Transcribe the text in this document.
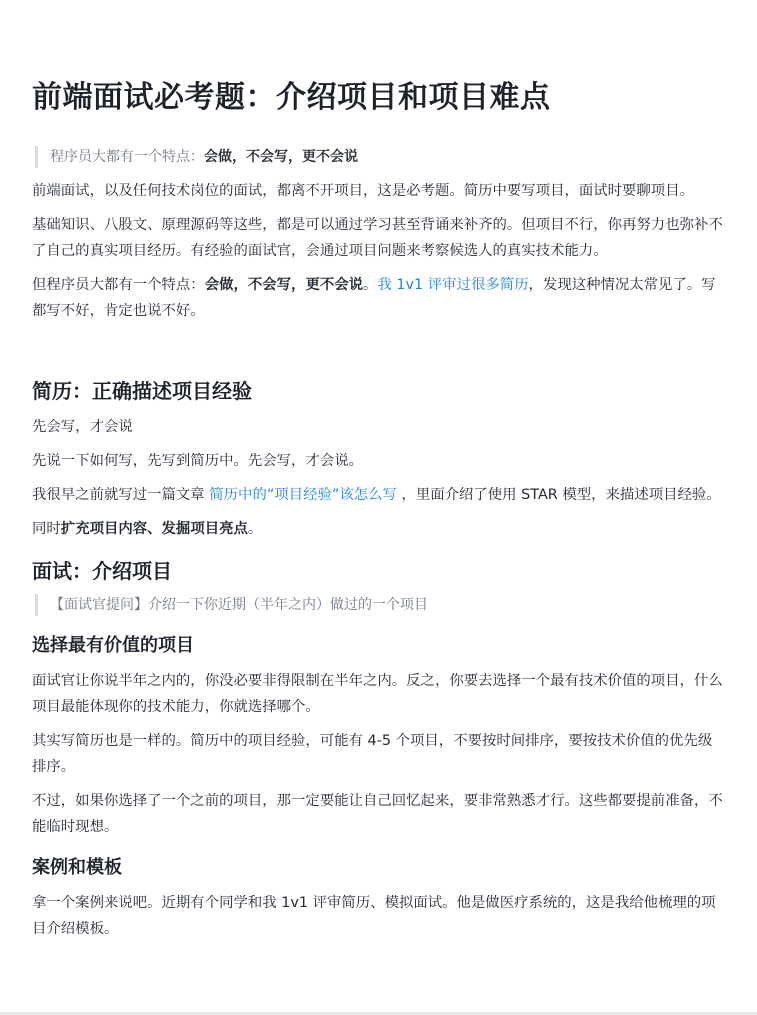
前端面试必考题：介绍项目和项目难点
程序员大都有一个特点：会做，不会写，更不会说

前端面试，以及任何技术岗位的面试，都离不开项目，这是必考题。简历中要写项目，面试时要聊项目。

基础知识、八股文、原理源码等这些，都是可以通过学习甚至背诵来补齐的。但项目不行，你再努力也弥补不了自己的真实项目经历。有经验的面试官，会通过项目问题来考察候选人的真实技术能力。

但程序员大都有一个特点：会做，不会写，更不会说。我 1v1 评审过很多简历，发现这种情况太常见了。写都写不好，肯定也说不好。

简历：正确描述项目经验

先会写，才会说

先说一下如何写，先写到简历中。先会写，才会说。

我很早之前就写过一篇文章 简历中的“项目经验”该怎么写 ，里面介绍了使用 STAR 模型，来描述项目经验。

同时扩充项目内容、发掘项目亮点。

面试：介绍项目
【面试官提问】介绍一下你近期（半年之内）做过的一个项目
选择最有价值的项目

面试官让你说半年之内的，你没必要非得限制在半年之内。反之，你要去选择一个最有技术价值的项目，什么项目最能体现你的技术能力，你就选择哪个。

其实写简历也是一样的。简历中的项目经验，可能有 4-5 个项目，不要按时间排序，要按技术价值的优先级排序。

不过，如果你选择了一个之前的项目，那一定要能让自己回忆起来，要非常熟悉才行。这些都要提前准备，不能临时现想。

案例和模板

拿一个案例来说吧。近期有个同学和我 1v1 评审简历、模拟面试。他是做医疗系统的，这是我给他梳理的项目介绍模板。
